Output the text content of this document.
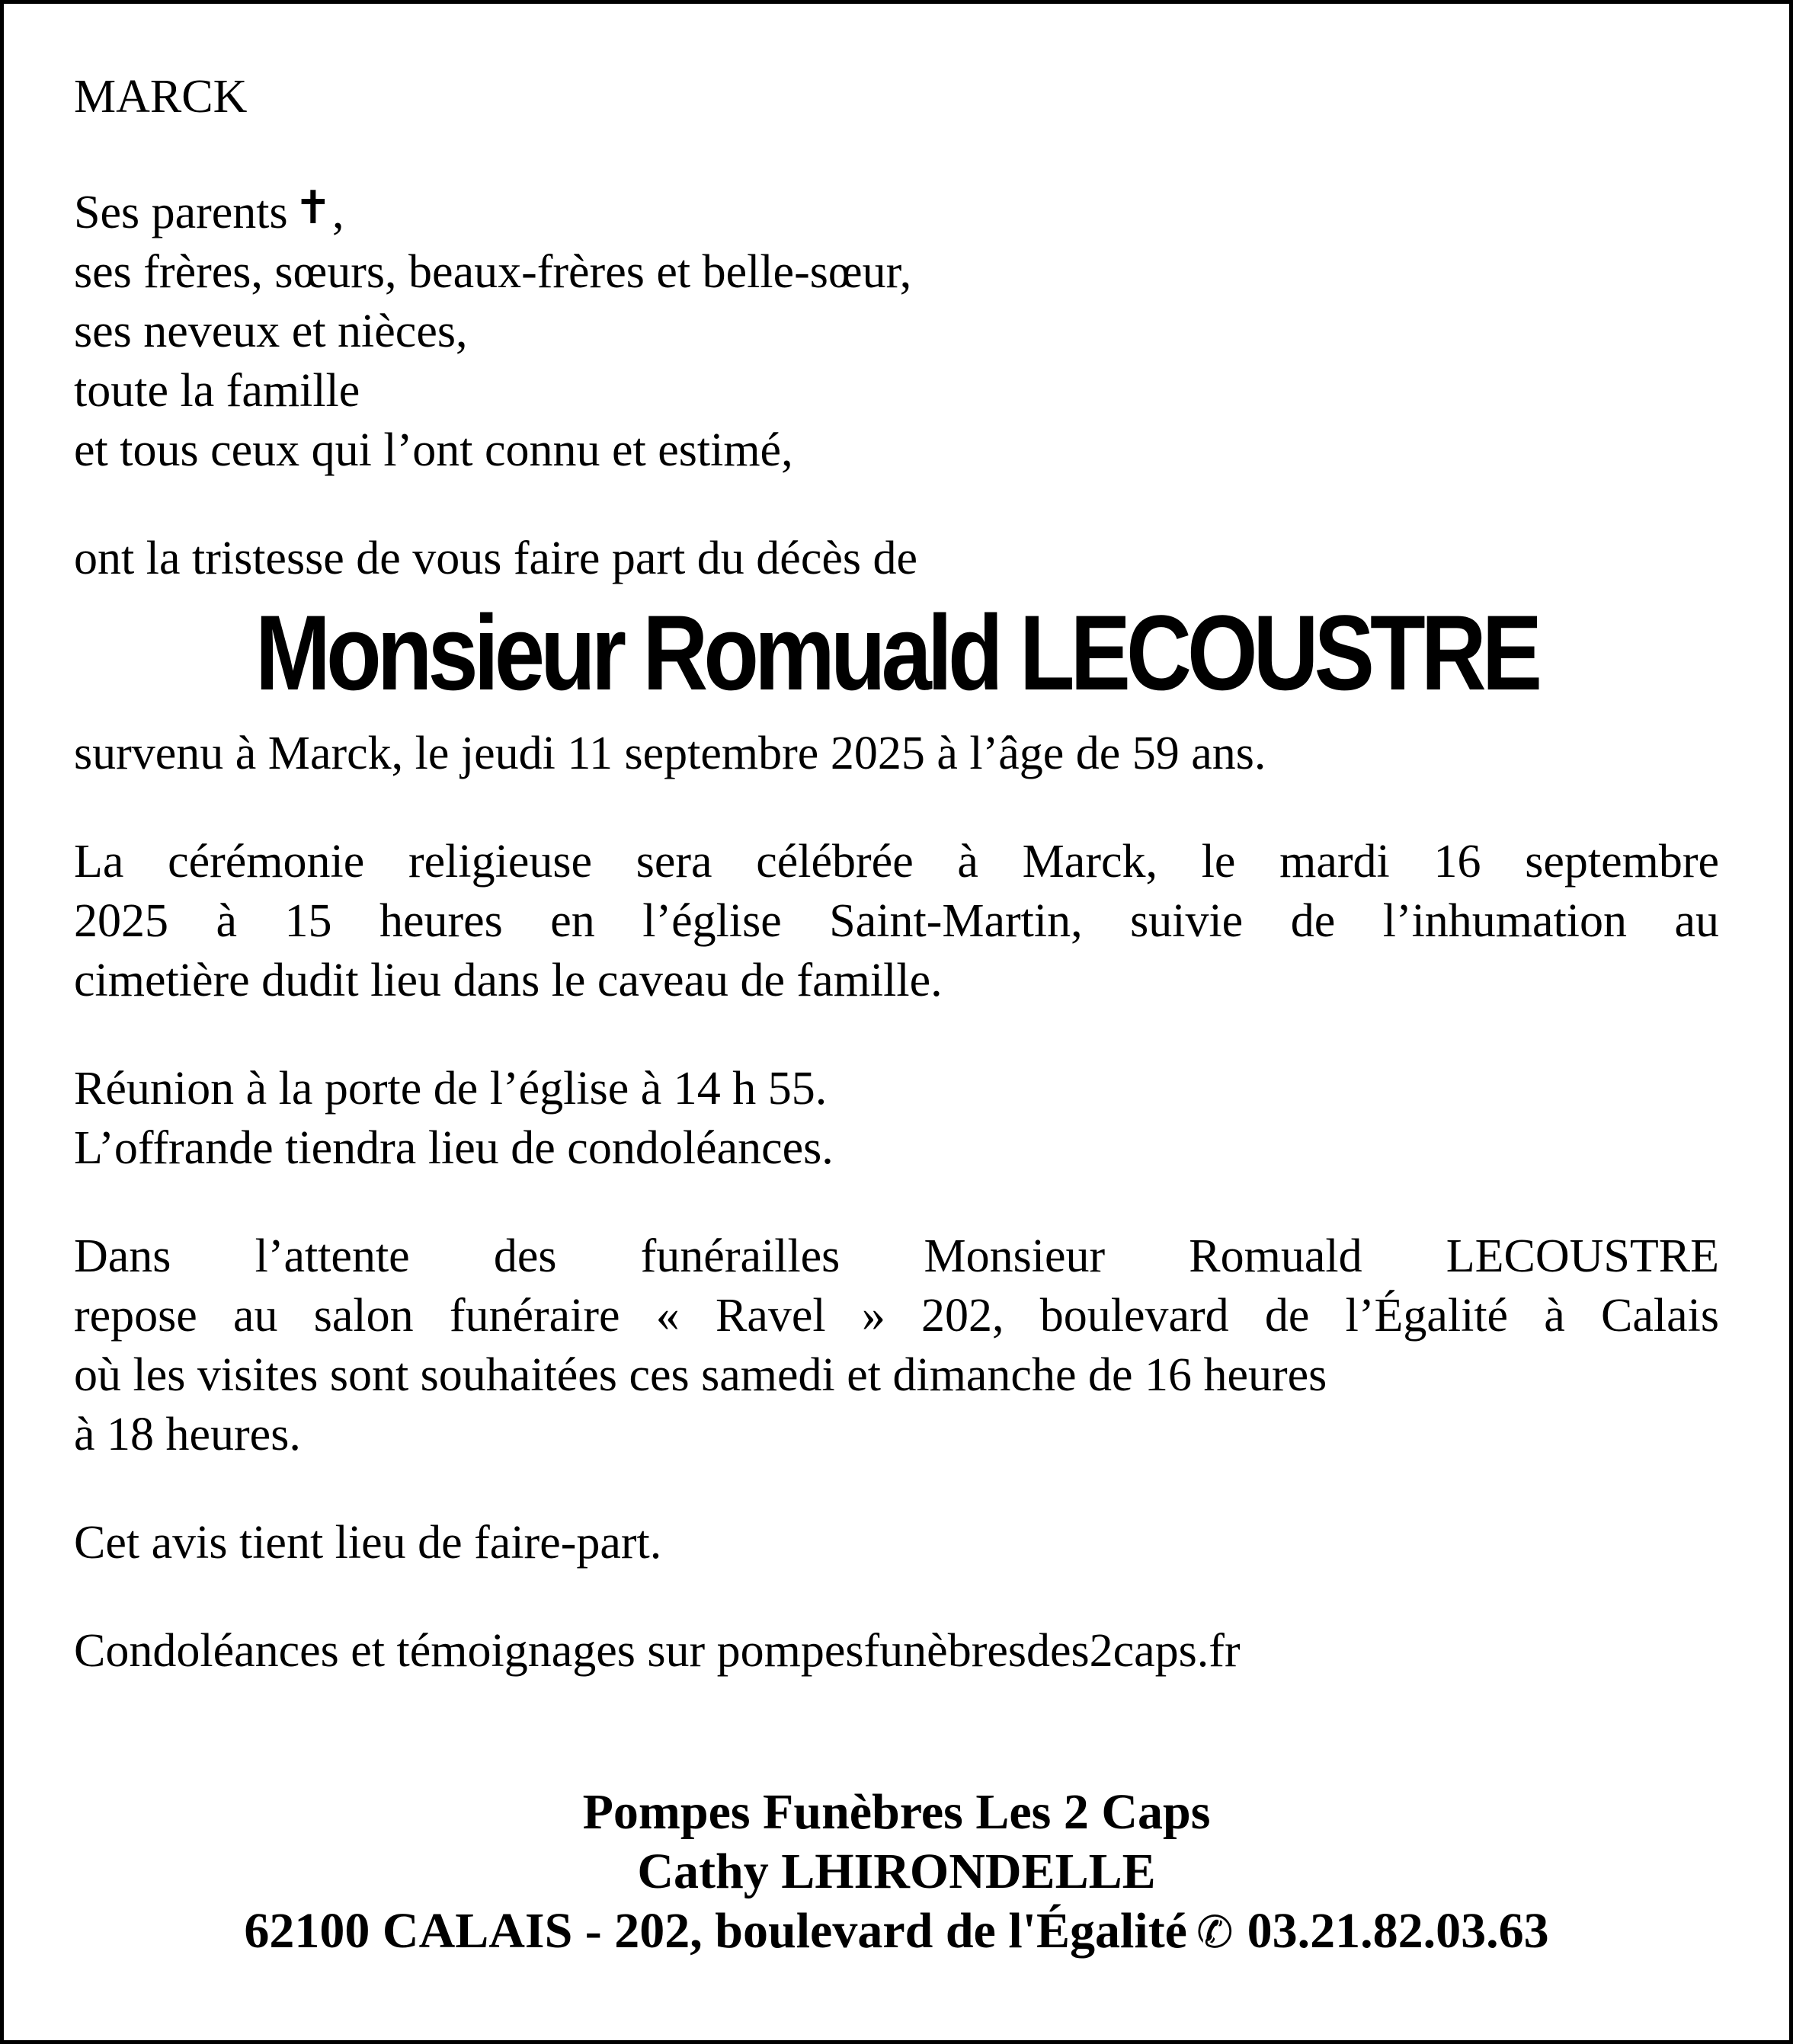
MARCK
Ses parents ✝,
ses frères, sœurs, beaux-frères et belle-sœur,
ses neveux et nièces,
toute la famille
et tous ceux qui l’ont connu et estimé,
ont la tristesse de vous faire part du décès de
Monsieur Romuald LECOUSTRE
survenu à Marck, le jeudi 11 septembre 2025 à l’âge de 59 ans.
La cérémonie religieuse sera célébrée à Marck, le mardi 16 septembre
2025 à 15 heures en l’église Saint-Martin, suivie de l’inhumation au
cimetière dudit lieu dans le caveau de famille.
Réunion à la porte de l’église à 14 h 55.
L’offrande tiendra lieu de condoléances.
Dans l’attente des funérailles Monsieur Romuald LECOUSTRE
repose au salon funéraire « Ravel » 202, boulevard de l’Égalité à Calais
où les visites sont souhaitées ces samedi et dimanche de 16 heures
à 18 heures.
Cet avis tient lieu de faire-part.
Condoléances et témoignages sur pompesfunèbresdes2caps.fr
Pompes Funèbres Les 2 Caps
Cathy LHIRONDELLE
62100 CALAIS - 202, boulevard de l'Égalité ✆ 03.21.82.03.63
